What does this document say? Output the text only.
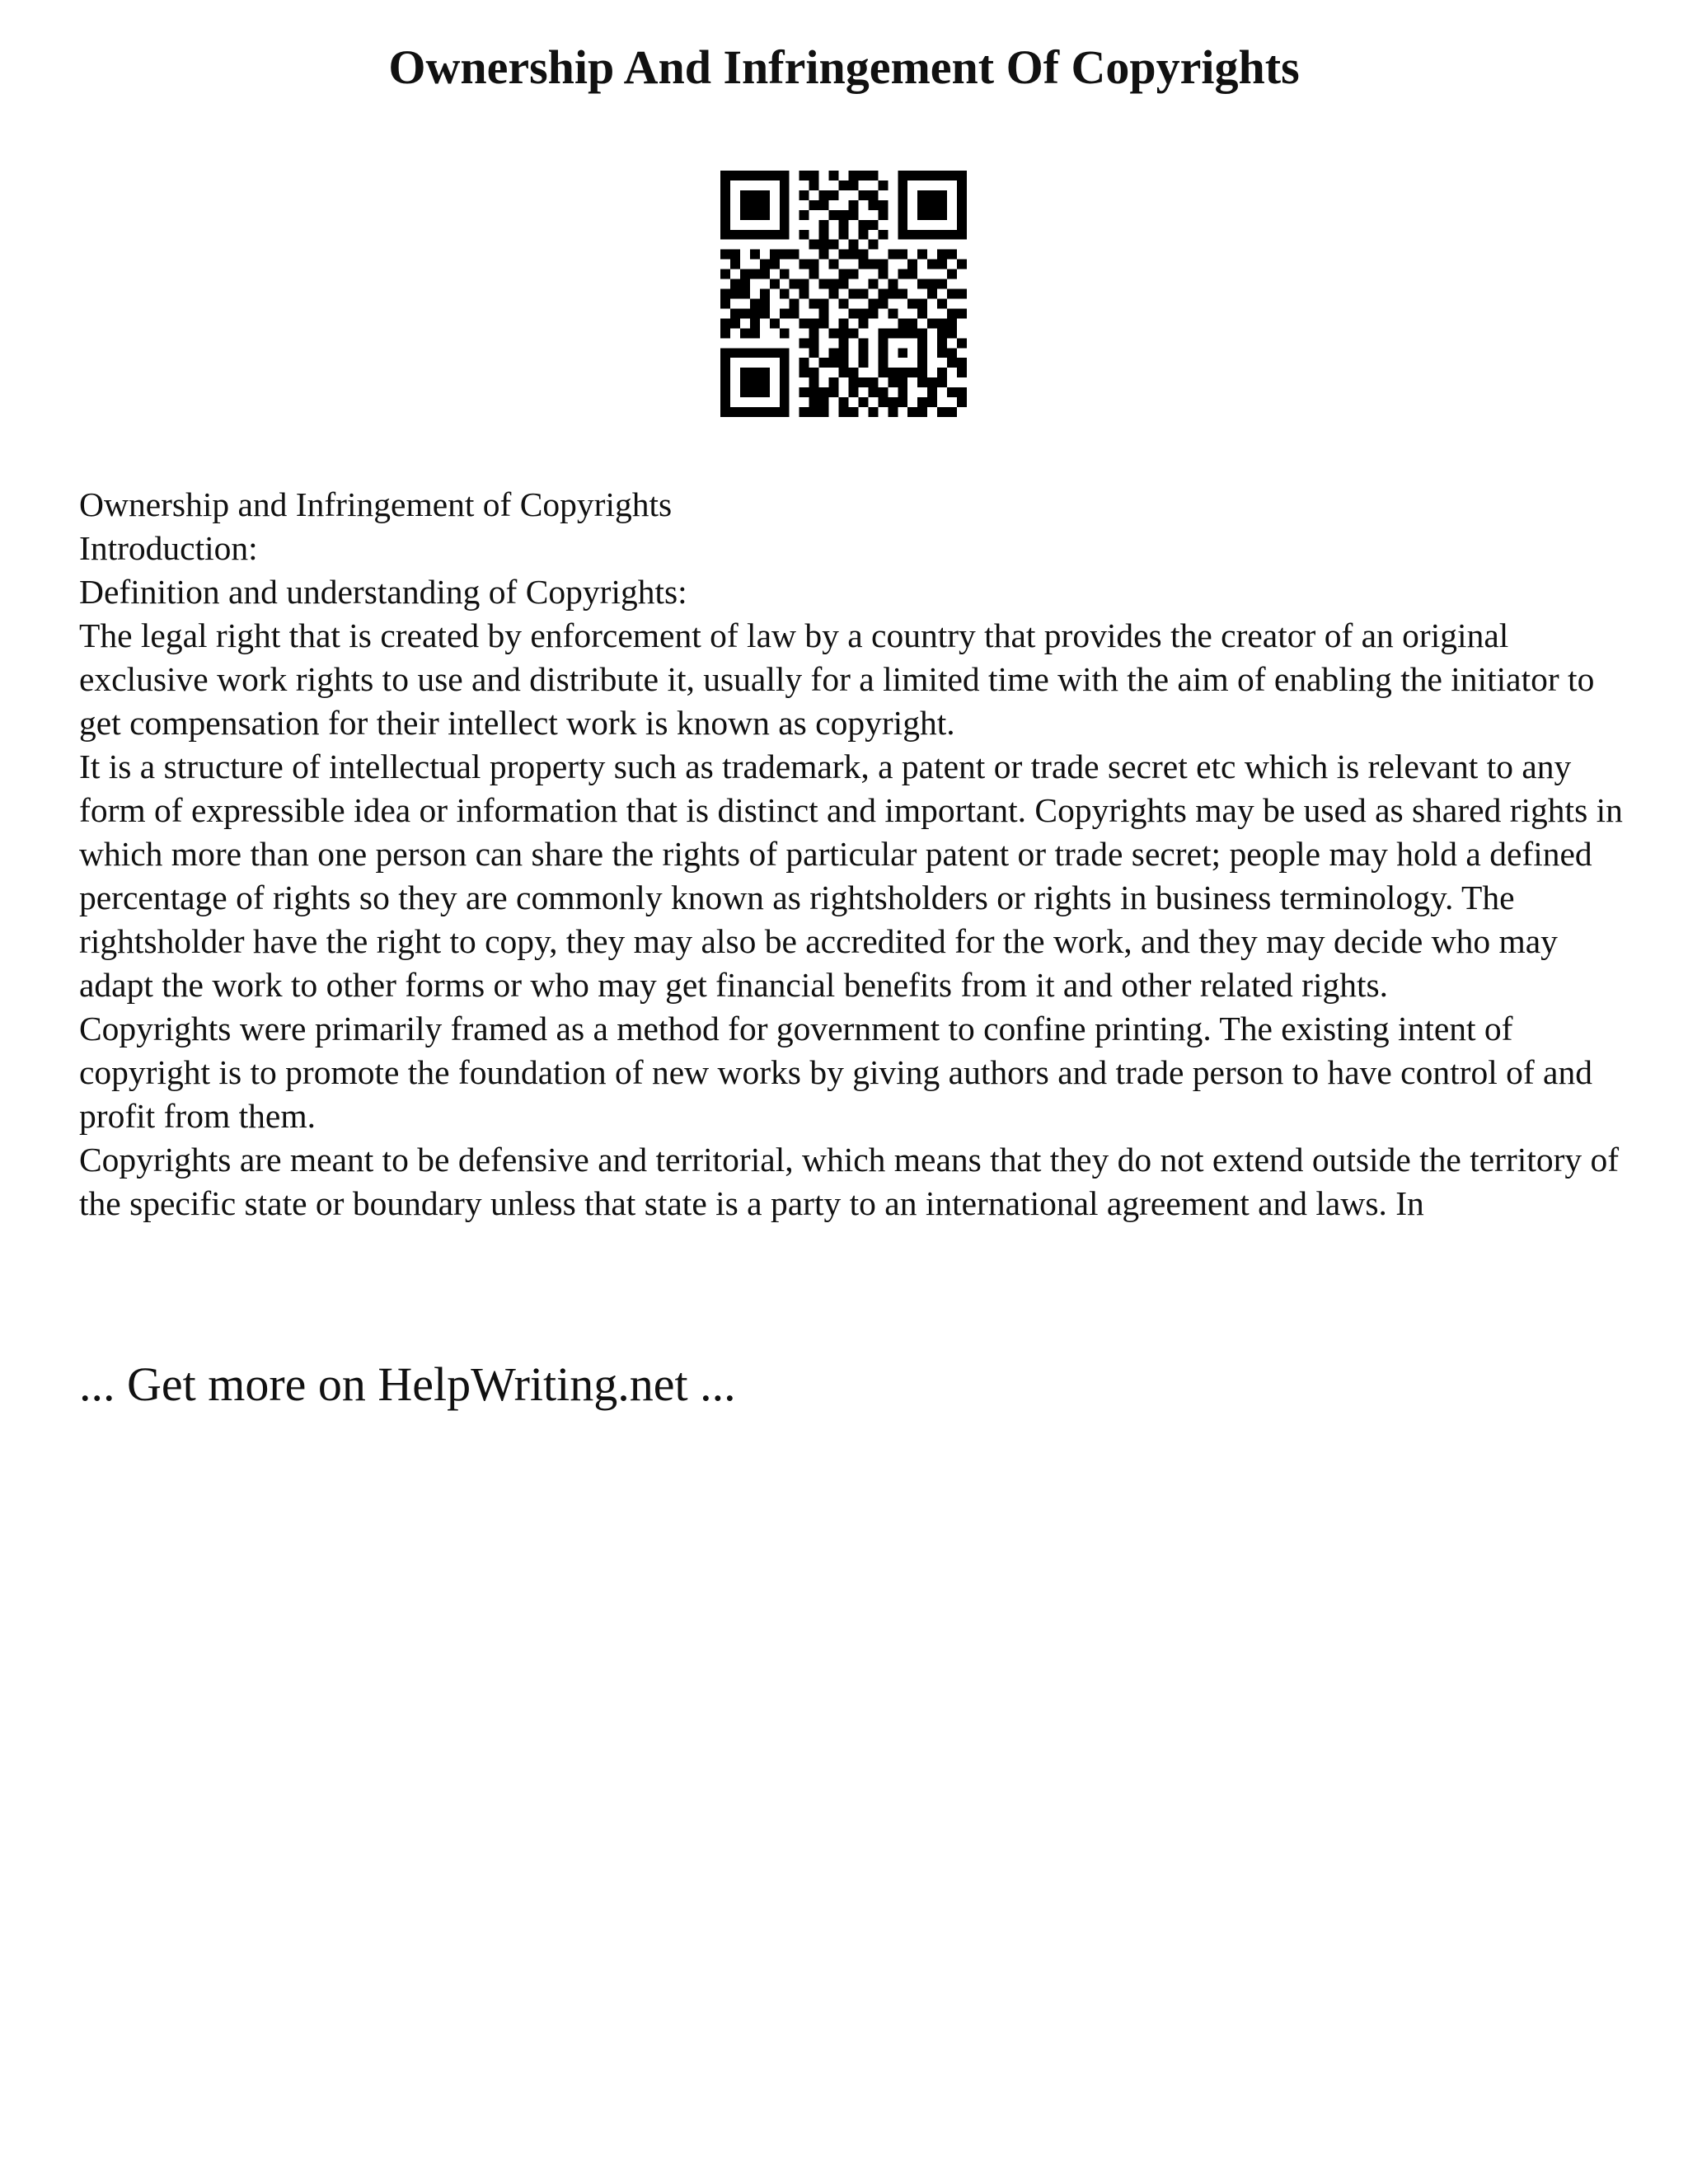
Ownership And Infringement Of Copyrights

Ownership and Infringement of Copyrights

Introduction:

Definition and understanding of Copyrights:

The legal right that is created by enforcement of law by a country that provides the creator of an original exclusive work rights to use and distribute it, usually for a limited time with the aim of enabling the initiator to get compensation for their intellect work is known as copyright.

It is a structure of intellectual property such as trademark, a patent or trade secret etc which is relevant to any form of expressible idea or information that is distinct and important. Copyrights may be used as shared rights in which more than one person can share the rights of particular patent or trade secret; people may hold a defined percentage of rights so they are commonly known as rightsholders or rights in business terminology. The rightsholder have the right to copy, they may also be accredited for the work, and they may decide who may adapt the work to other forms or who may get financial benefits from it and other related rights.

Copyrights were primarily framed as a method for government to confine printing. The existing intent of copyright is to promote the foundation of new works by giving authors and trade person to have control of and profit from them.

Copyrights are meant to be defensive and territorial, which means that they do not extend outside the territory of the specific state or boundary unless that state is a party to an international agreement and laws. In

... Get more on HelpWriting.net ...
